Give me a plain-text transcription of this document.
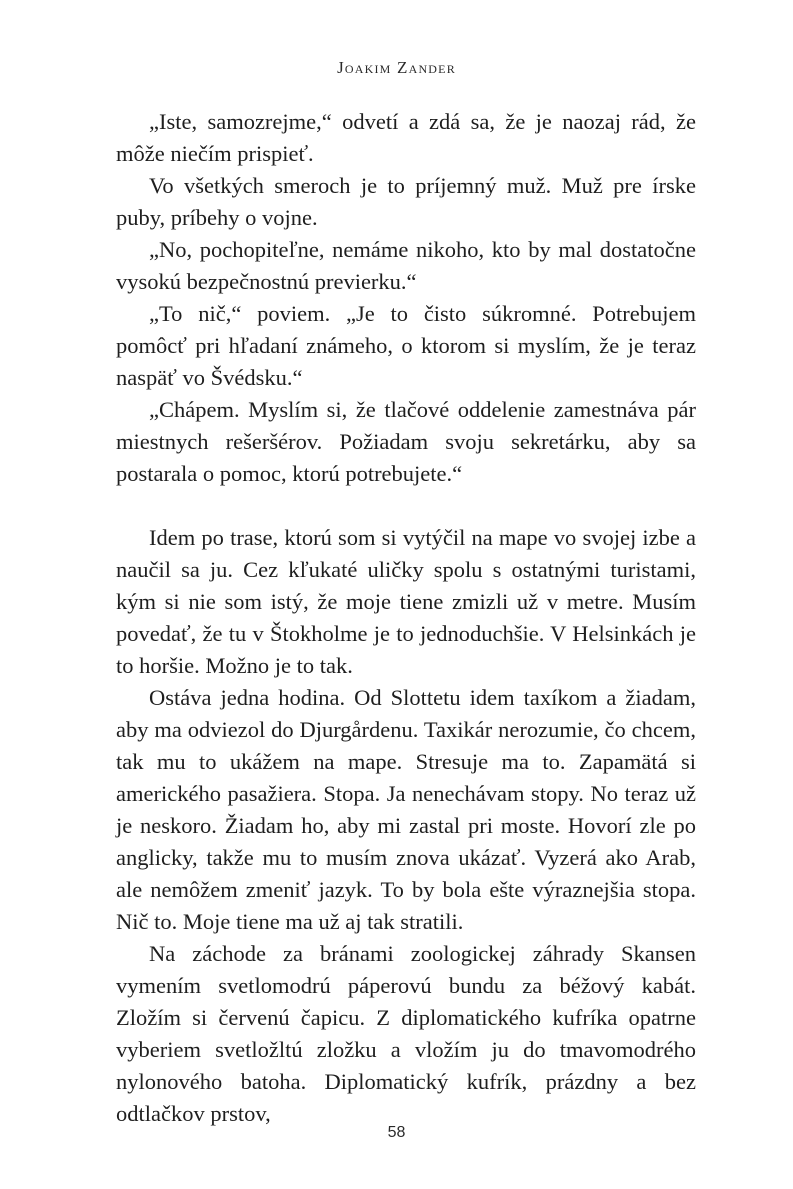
Joakim Zander

„Iste, samozrejme,“ odvetí a zdá sa, že je naozaj rád, že môže niečím prispieť.

Vo všetkých smeroch je to príjemný muž. Muž pre írske puby, príbehy o vojne.

„No, pochopiteľne, nemáme nikoho, kto by mal dostatočne vysokú bezpečnostnú previerku.“

„To nič,“ poviem. „Je to čisto súkromné. Potrebujem pomôcť pri hľadaní známeho, o ktorom si myslím, že je teraz naspäť vo Švédsku.“

„Chápem. Myslím si, že tlačové oddelenie zamestnáva pár miestnych rešeršérov. Požiadam svoju sekretárku, aby sa postarala o pomoc, ktorú potrebujete.“

Idem po trase, ktorú som si vytýčil na mape vo svojej izbe a naučil sa ju. Cez kľukaté uličky spolu s ostatnými turistami, kým si nie som istý, že moje tiene zmizli už v metre. Musím povedať, že tu v Štokholme je to jednoduchšie. V Helsinkách je to horšie. Možno je to tak.

Ostáva jedna hodina. Od Slottetu idem taxíkom a žiadam, aby ma odviezol do Djurgårdenu. Taxikár nerozumie, čo chcem, tak mu to ukážem na mape. Stresuje ma to. Zapamätá si amerického pasažiera. Stopa. Ja nenechávam stopy. No teraz už je neskoro. Žiadam ho, aby mi zastal pri moste. Hovorí zle po anglicky, takže mu to musím znova ukázať. Vyzerá ako Arab, ale nemôžem zmeniť jazyk. To by bola ešte výraznejšia stopa. Nič to. Moje tiene ma už aj tak stratili.

Na záchode za bránami zoologickej záhrady Skansen vymením svetlomodrú páperovú bundu za béžový kabát. Zložím si červenú čapicu. Z diplomatického kufríka opatrne vyberiem svetložltú zložku a vložím ju do tmavomodrého nylonového batoha. Diplomatický kufrík, prázdny a bez odtlačkov prstov,

58
